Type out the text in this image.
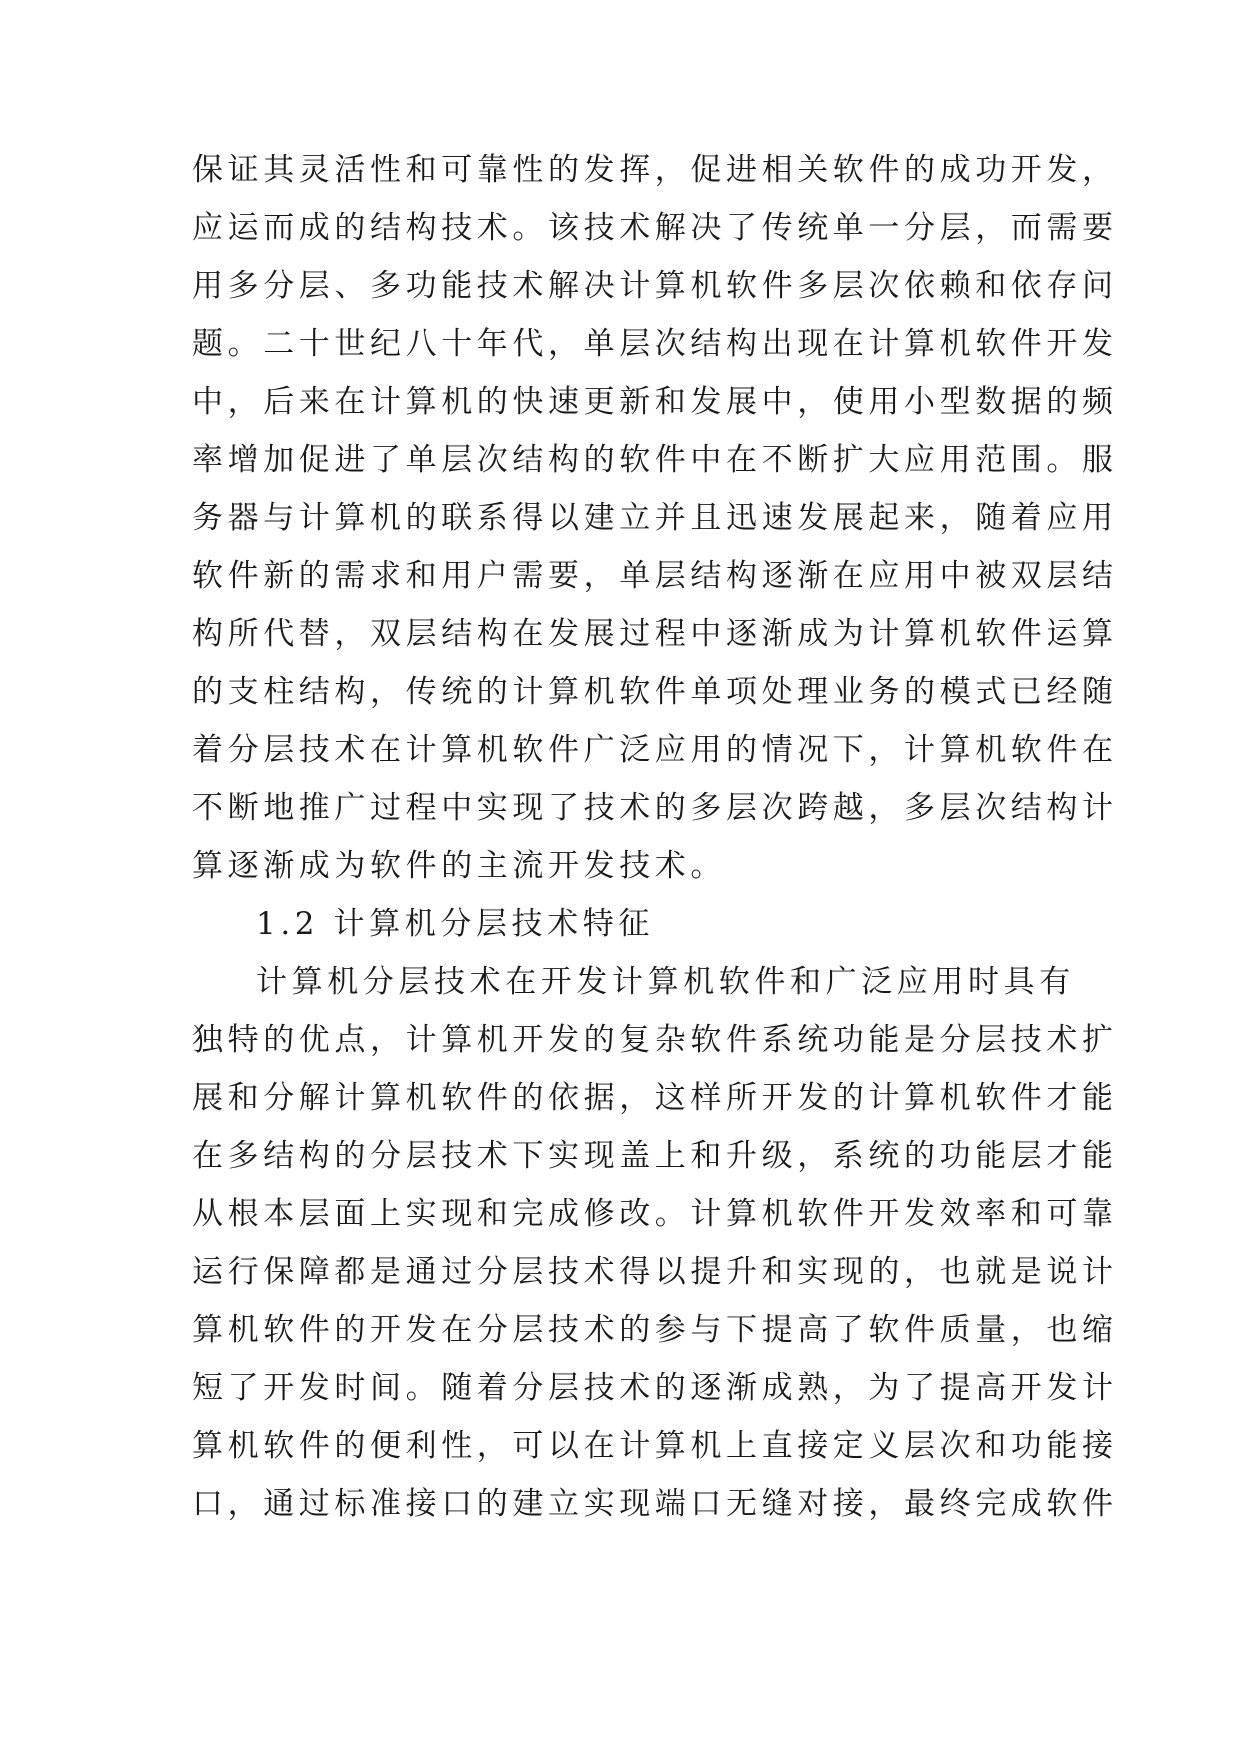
保证其灵活性和可靠性的发挥，促进相关软件的成功开发，
应运而成的结构技术。该技术解决了传统单一分层，而需要
用多分层、多功能技术解决计算机软件多层次依赖和依存问
题。二十世纪八十年代，单层次结构出现在计算机软件开发
中，后来在计算机的快速更新和发展中，使用小型数据的频
率增加促进了单层次结构的软件中在不断扩大应用范围。服
务器与计算机的联系得以建立并且迅速发展起来，随着应用
软件新的需求和用户需要，单层结构逐渐在应用中被双层结
构所代替，双层结构在发展过程中逐渐成为计算机软件运算
的支柱结构，传统的计算机软件单项处理业务的模式已经随
着分层技术在计算机软件广泛应用的情况下，计算机软件在
不断地推广过程中实现了技术的多层次跨越，多层次结构计
算逐渐成为软件的主流开发技术。
1.2 计算机分层技术特征
计算机分层技术在开发计算机软件和广泛应用时具有
独特的优点，计算机开发的复杂软件系统功能是分层技术扩
展和分解计算机软件的依据，这样所开发的计算机软件才能
在多结构的分层技术下实现盖上和升级，系统的功能层才能
从根本层面上实现和完成修改。计算机软件开发效率和可靠
运行保障都是通过分层技术得以提升和实现的，也就是说计
算机软件的开发在分层技术的参与下提高了软件质量，也缩
短了开发时间。随着分层技术的逐渐成熟，为了提高开发计
算机软件的便利性，可以在计算机上直接定义层次和功能接
口，通过标准接口的建立实现端口无缝对接，最终完成软件
